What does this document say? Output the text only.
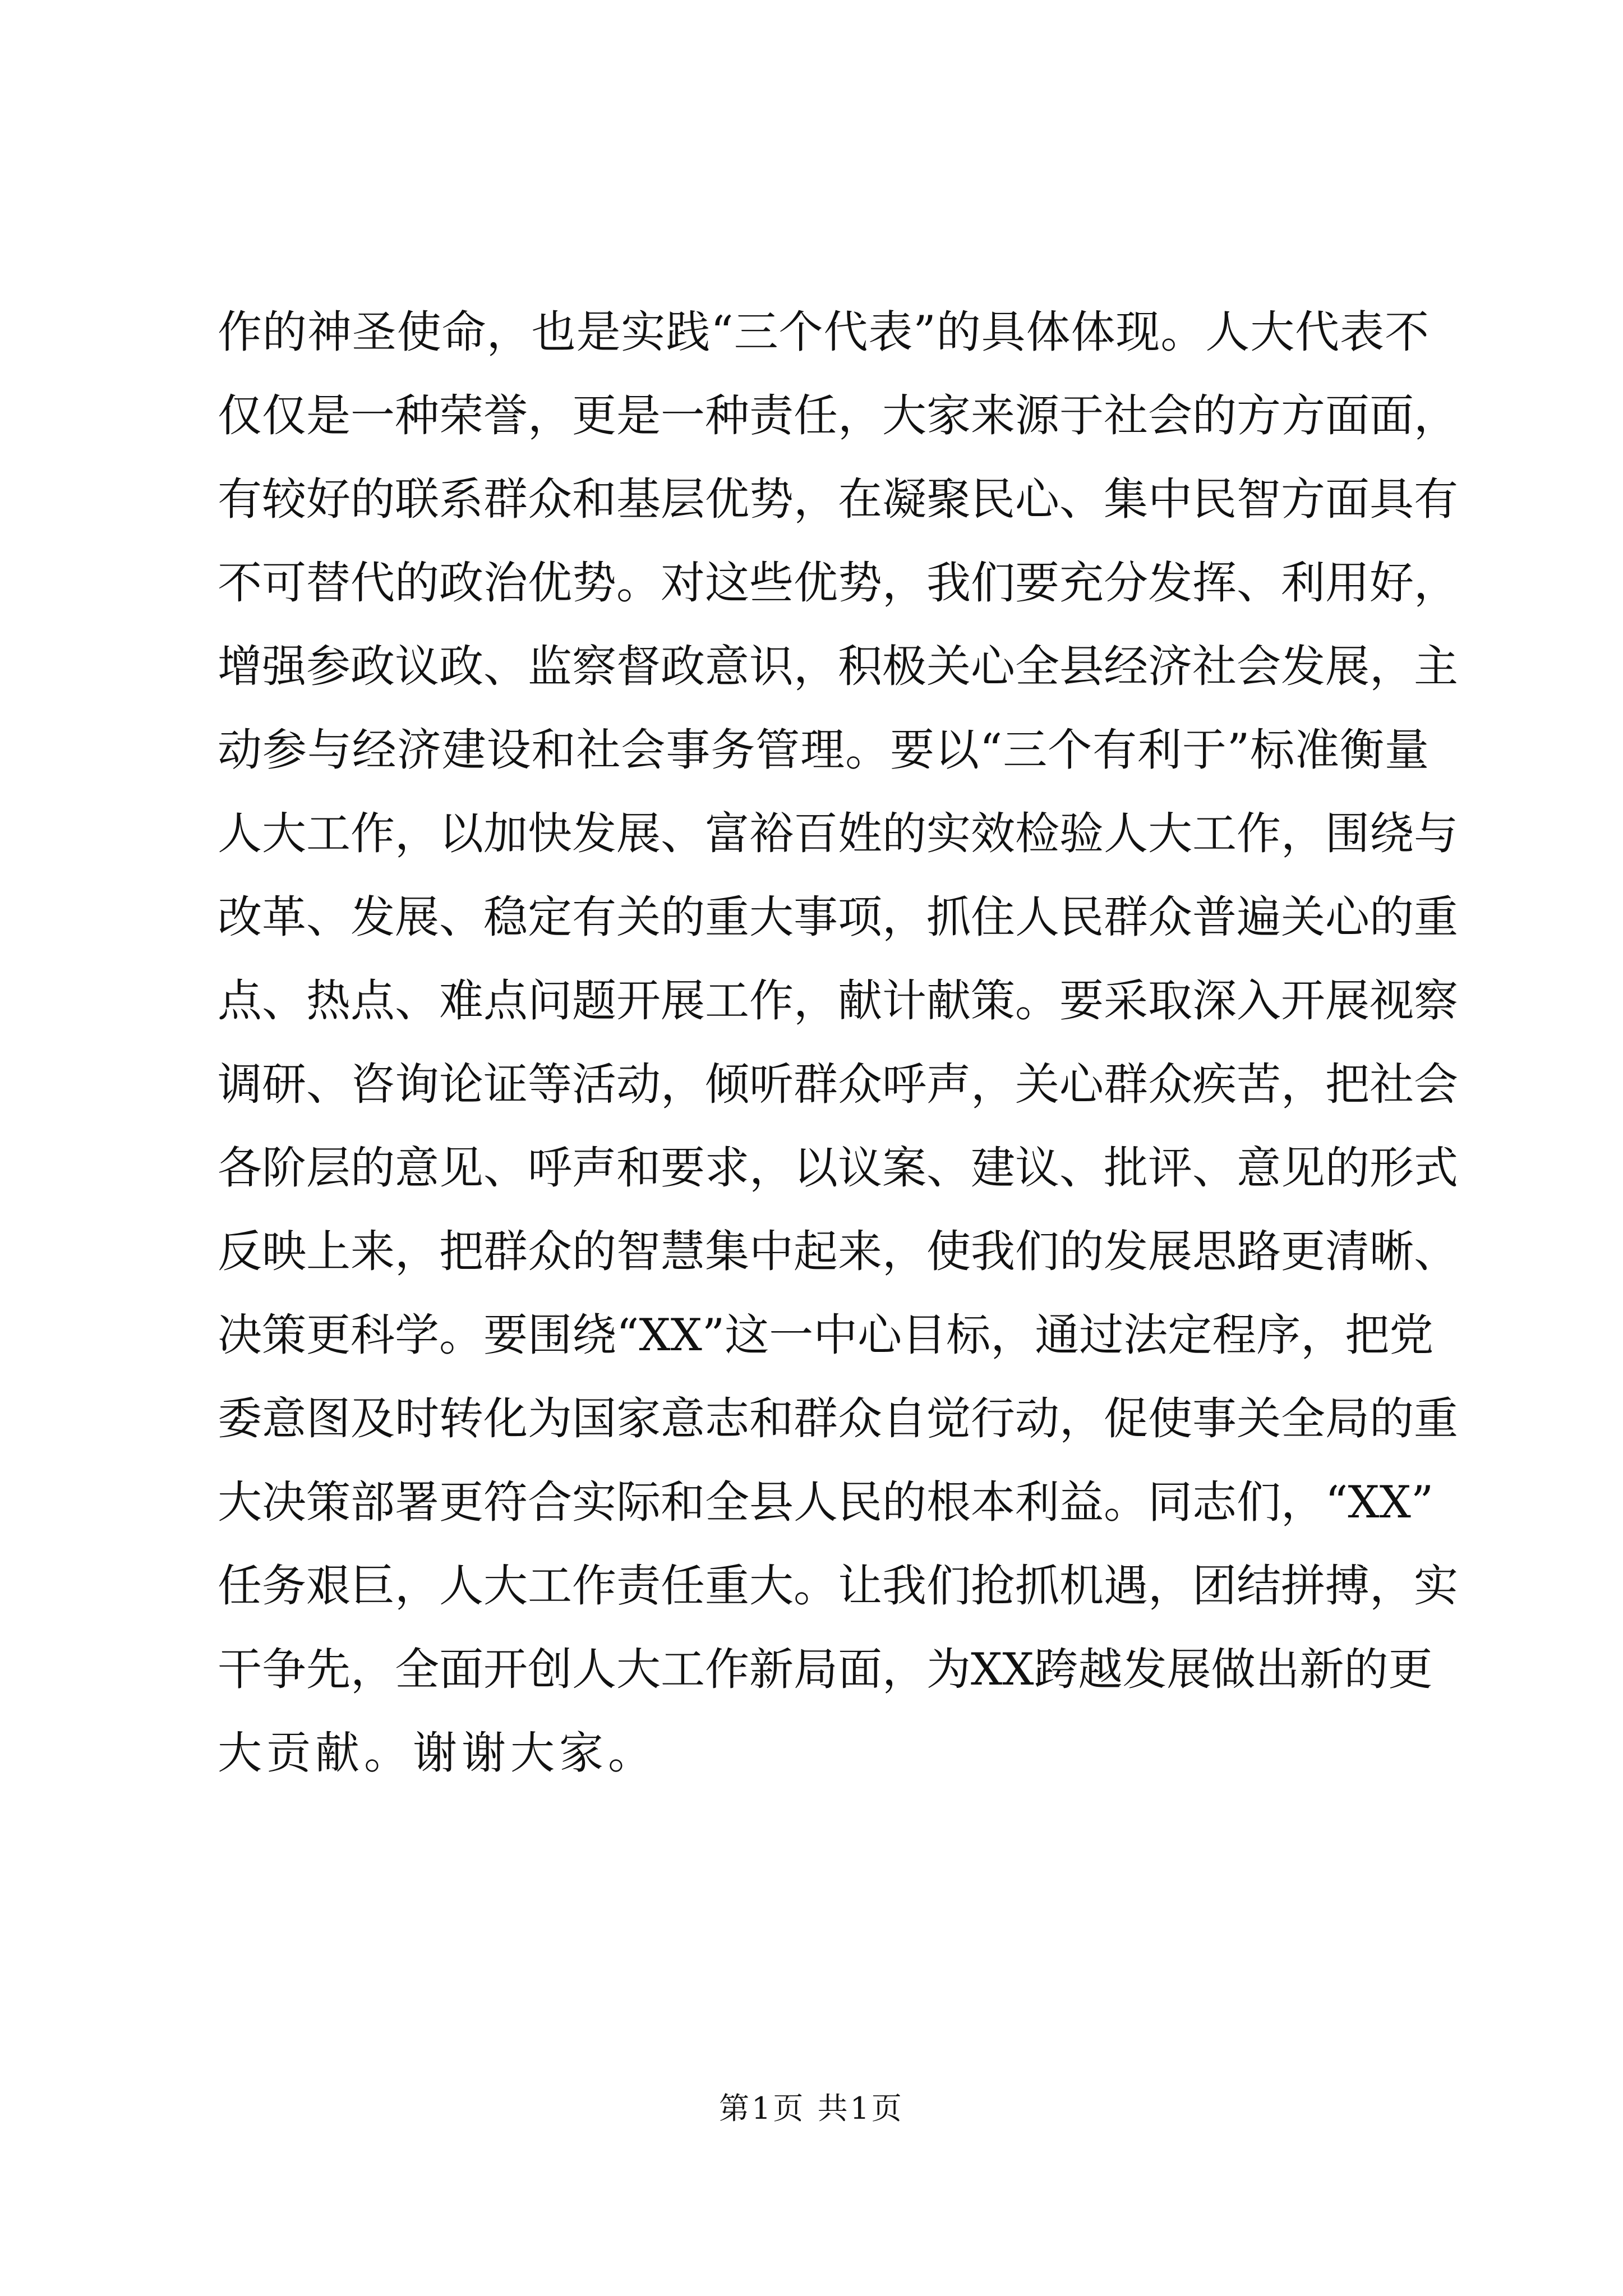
作的神圣使命，也是实践“三个代表”的具体体现。人大代表不
仅仅是一种荣誉，更是一种责任，大家来源于社会的方方面面，
有较好的联系群众和基层优势，在凝聚民心、集中民智方面具有
不可替代的政治优势。对这些优势，我们要充分发挥、利用好，
增强参政议政、监察督政意识，积极关心全县经济社会发展，主
动参与经济建设和社会事务管理。要以“三个有利于”标准衡量
人大工作，以加快发展、富裕百姓的实效检验人大工作，围绕与
改革、发展、稳定有关的重大事项，抓住人民群众普遍关心的重
点、热点、难点问题开展工作，献计献策。要采取深入开展视察
调研、咨询论证等活动，倾听群众呼声，关心群众疾苦，把社会
各阶层的意见、呼声和要求，以议案、建议、批评、意见的形式
反映上来，把群众的智慧集中起来，使我们的发展思路更清晰、
决策更科学。要围绕“XX”这一中心目标，通过法定程序，把党
委意图及时转化为国家意志和群众自觉行动，促使事关全局的重
大决策部署更符合实际和全县人民的根本利益。同志们，“XX”
任务艰巨，人大工作责任重大。让我们抢抓机遇，团结拼搏，实
干争先，全面开创人大工作新局面，为XX跨越发展做出新的更
大贡献。谢谢大家。
第1页 共1页
